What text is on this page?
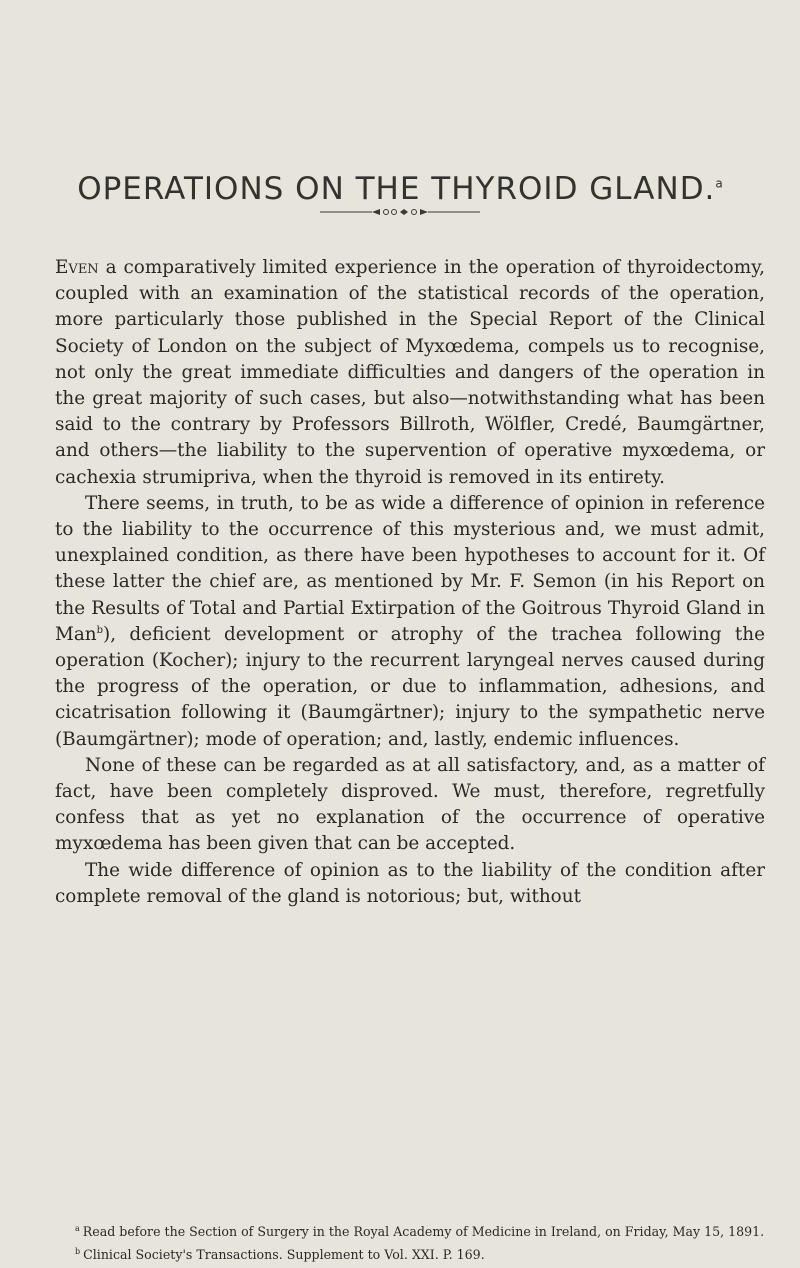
OPERATIONS ON THE THYROID GLAND.$^a$

Even a comparatively limited experience in the operation of thyroidectomy, coupled with an examination of the statistical records of the operation, more particularly those published in the Special Report of the Clinical Society of London on the subject of Myxœdema, compels us to recognise, not only the great immediate difficulties and dangers of the operation in the great majority of such cases, but also—notwithstanding what has been said to the contrary by Professors Billroth, Wölfler, Credé, Baumgärtner, and others—the liability to the supervention of operative myxœdema, or cachexia strumipriva, when the thyroid is removed in its entirety.

There seems, in truth, to be as wide a difference of opinion in reference to the liability to the occurrence of this mysterious and, we must admit, unexplained condition, as there have been hypotheses to account for it. Of these latter the chief are, as mentioned by Mr. F. Semon (in his Report on the Results of Total and Partial Extirpation of the Goitrous Thyroid Gland in Man$^b$), deficient development or atrophy of the trachea following the operation (Kocher); injury to the recurrent laryngeal nerves caused during the progress of the operation, or due to inflammation, adhesions, and cicatrisation following it (Baumgärtner); injury to the sympathetic nerve (Baumgärtner); mode of operation; and, lastly, endemic influences.

None of these can be regarded as at all satisfactory, and, as a matter of fact, have been completely disproved. We must, therefore, regretfully confess that as yet no explanation of the occurrence of operative myxœdema has been given that can be accepted.

The wide difference of opinion as to the liability of the condition after complete removal of the gland is notorious; but, without

$^a$ Read before the Section of Surgery in the Royal Academy of Medicine in Ireland, on Friday, May 15, 1891.

$^b$ Clinical Society's Transactions. Supplement to Vol. XXI. P. 169.
